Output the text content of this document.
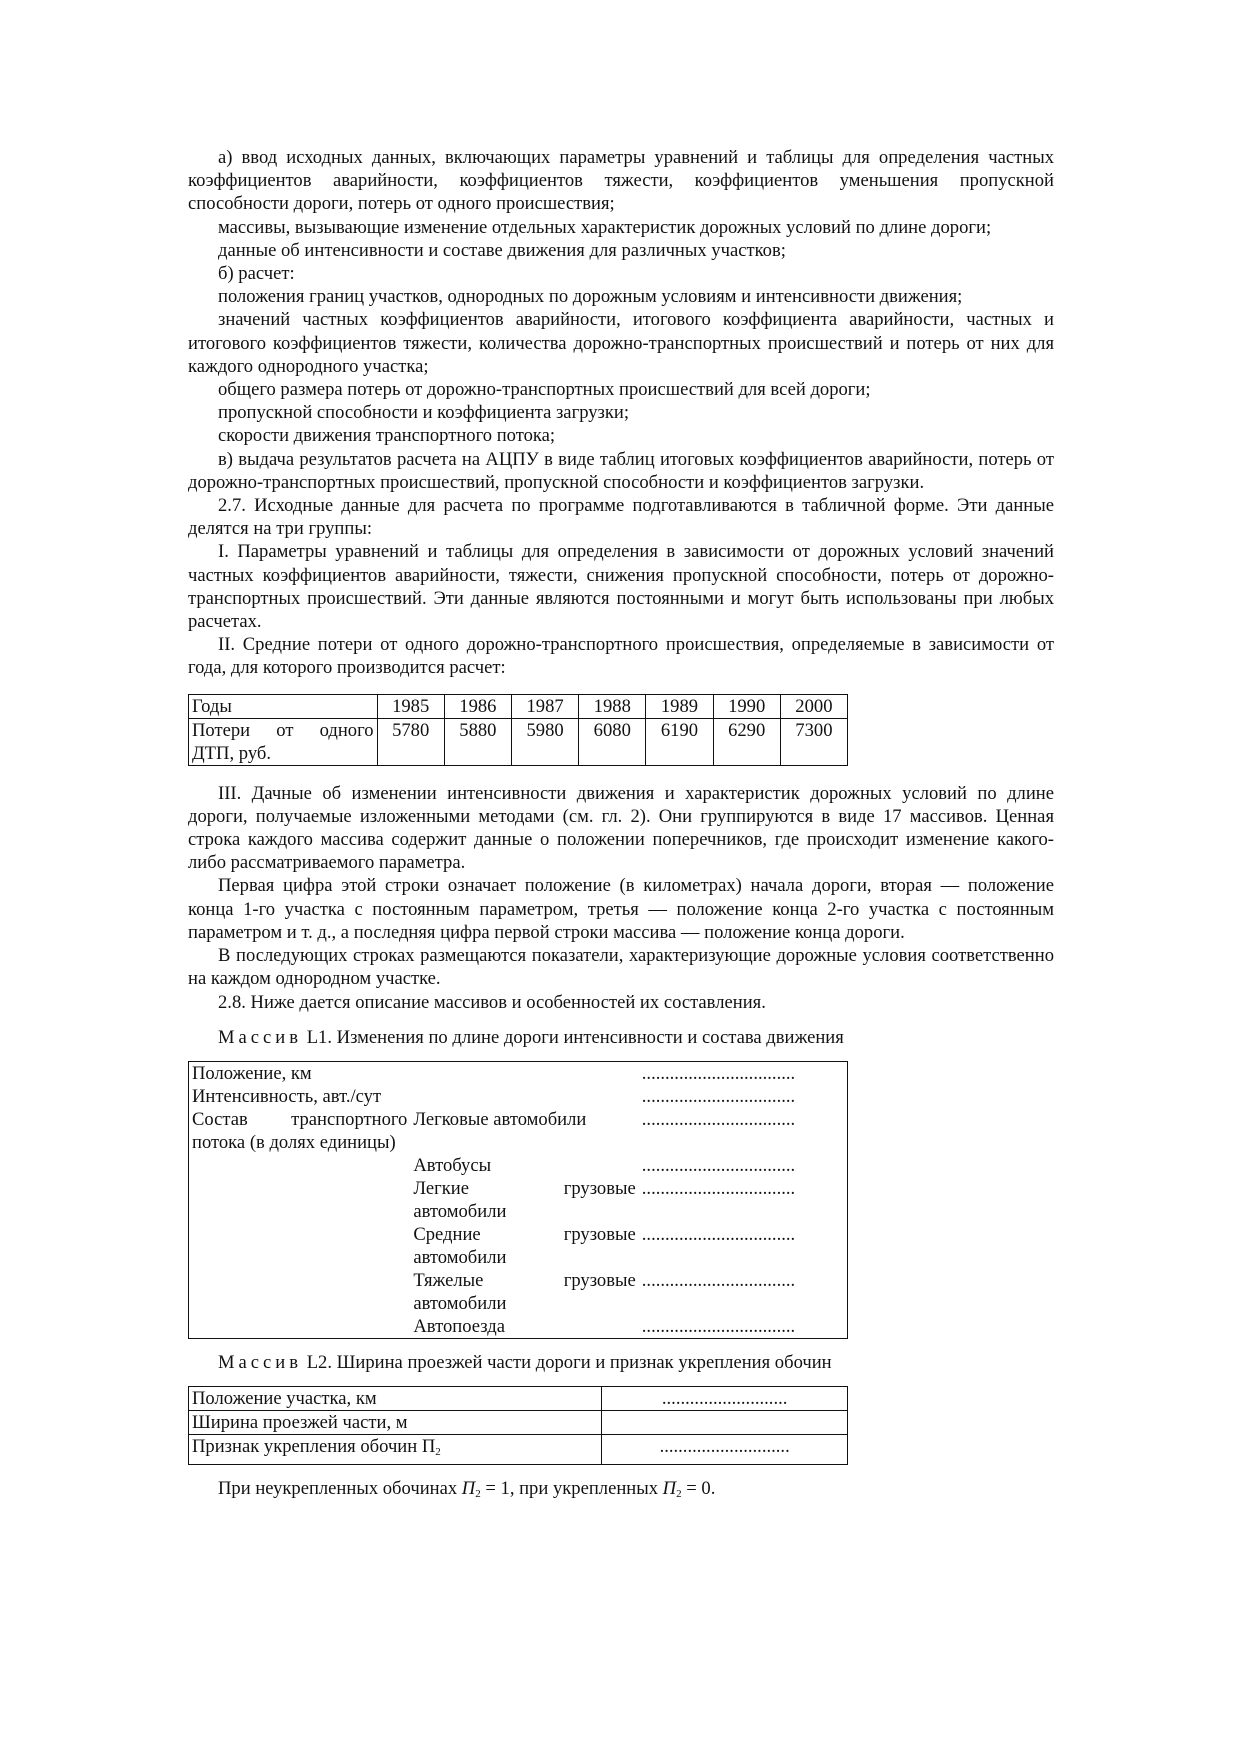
а) ввод исходных данных, включающих параметры уравнений и таблицы для определения частных коэффициентов аварийности, коэффициентов тяжести, коэффициентов уменьшения пропускной способности дороги, потерь от одного происшествия;

массивы, вызывающие изменение отдельных характеристик дорожных условий по длине дороги;

данные об интенсивности и составе движения для различных участков;

б) расчет:

положения границ участков, однородных по дорожным условиям и интенсивности движения;

значений частных коэффициентов аварийности, итогового коэффициента аварийности, частных и итогового коэффициентов тяжести, количества дорожно-транспортных происшествий и потерь от них для каждого однородного участка;

общего размера потерь от дорожно-транспортных происшествий для всей дороги;

пропускной способности и коэффициента загрузки;

скорости движения транспортного потока;

в) выдача результатов расчета на АЦПУ в виде таблиц итоговых коэффициентов аварийности, потерь от дорожно-транспортных происшествий, пропускной способности и коэффициентов загрузки.

2.7. Исходные данные для расчета по программе подготавливаются в табличной форме. Эти данные делятся на три группы:

I. Параметры уравнений и таблицы для определения в зависимости от дорожных условий значений частных коэффициентов аварийности, тяжести, снижения пропускной способности, потерь от дорожно-транспортных происшествий. Эти данные являются постоянными и могут быть использованы при любых расчетах.

II. Средние потери от одного дорожно-транспортного происшествия, определяемые в зависимости от года, для которого производится расчет:

Годы	1985	1986	1987	1988	1989	1990	2000

Потери от одного
ДТП, руб.	5780	5880	5980	6080	6190	6290	7300

III. Дачные об изменении интенсивности движения и характеристик дорожных условий по длине дороги, получаемые изложенными методами (см. гл. 2). Они группируются в виде 17 массивов. Ценная строка каждого массива содержит данные о положении поперечников, где происходит изменение какого-либо рассматриваемого параметра.

Первая цифра этой строки означает положение (в километрах) начала дороги, вторая — положение конца 1-го участка с постоянным параметром, третья — положение конца 2-го участка с постоянным параметром и т. д., а последняя цифра первой строки массива — положение конца дороги.

В последующих строках размещаются показатели, характеризующие дорожные условия соответственно на каждом однородном участке.

2.8. Ниже дается описание массивов и особенностей их составления.

Массив L1. Изменения по длине дороги интенсивности и состава движения

Положение, км		.................................
Интенсивность, авт./сут		.................................
Состав транспортного потока (в долях единицы)	Легковые автомобили	.................................
	Автобусы	.................................

	Легкие грузовые
автомобили	.................................

	Средние грузовые
автомобили	.................................

	Тяжелые грузовые
автомобили	.................................
	Автопоезда	.................................

Массив L2. Ширина проезжей части дороги и признак укрепления обочин

Положение участка, км	...........................
Ширина проезжей части, м	
Признак укрепления обочин $П_2$	............................

При неукрепленных обочинах $П_2 = 1$, при укрепленных $П_2 = 0$.
